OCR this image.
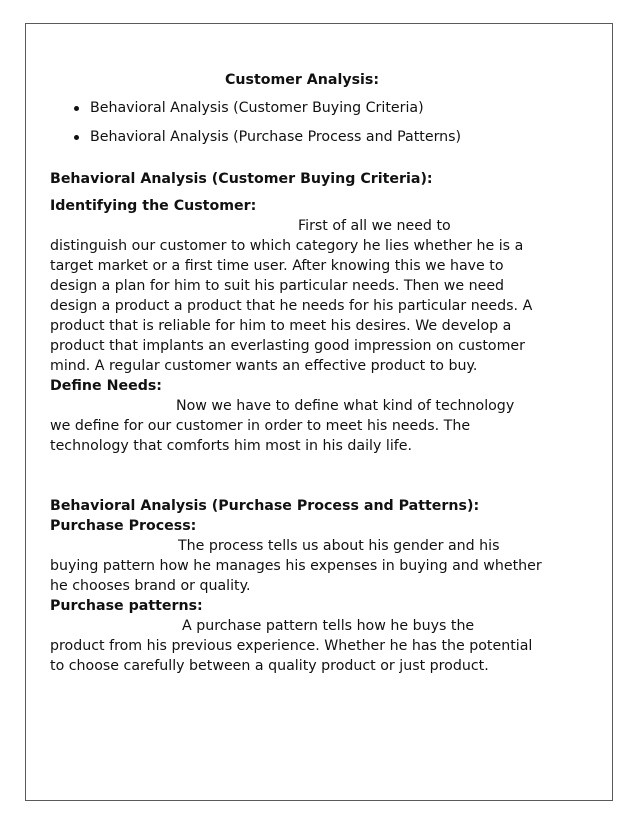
Customer Analysis:
Behavioral Analysis (Customer Buying Criteria)
Behavioral Analysis (Purchase Process and Patterns)
Behavioral Analysis (Customer Buying Criteria):
Identifying the Customer:

First of all we need to
distinguish our customer to which category he lies whether he is a target market or a first time user. After knowing this we have to design a plan for him to suit his particular needs. Then we need design a product a product that he needs for his particular needs. A product that is reliable for him to meet his desires. We develop a product that implants an everlasting good impression on customer mind. A regular customer wants an effective product to buy.

Define Needs:

Now we have to define what kind of technology
we define for our customer in order to meet his needs. The technology that comforts him most in his daily life.

Behavioral Analysis (Purchase Process and Patterns):
Purchase Process:

The process tells us about his gender and his
buying pattern how he manages his expenses in buying and whether he chooses brand or quality.

Purchase patterns:

A purchase pattern tells how he buys the
product from his previous experience. Whether he has the potential to choose carefully between a quality product or just product.
